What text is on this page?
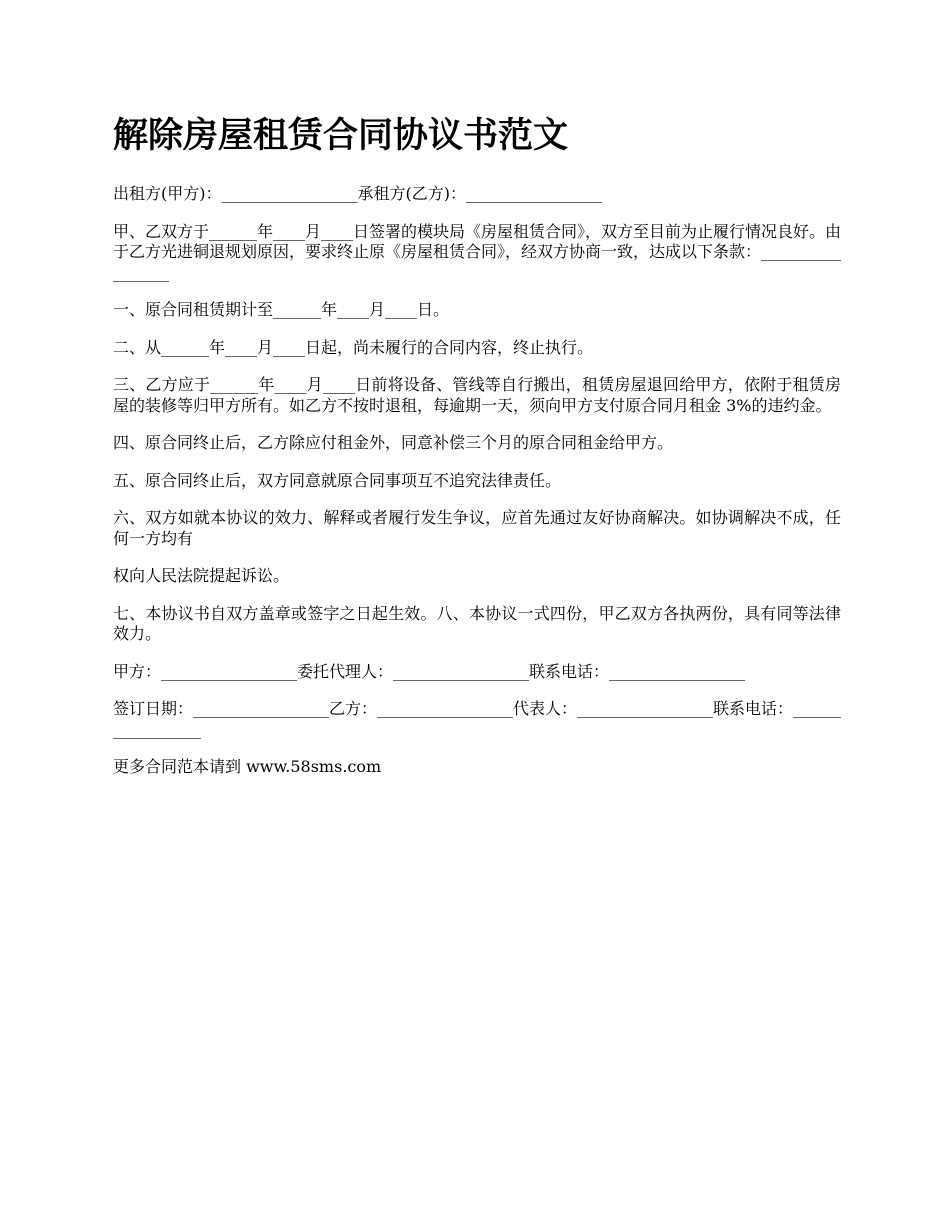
解除房屋租赁合同协议书范文

出租方(甲方)：_________________承租方(乙方)：_________________

甲、乙双方于______年____月____日签署的模块局《房屋租赁合同》，双方至目前为止履行情况良好。由于乙方光进铜退规划原因，要求终止原《房屋租赁合同》，经双方协商一致，达成以下条款：_________________

一、原合同租赁期计至______年____月____日。

二、从______年____月____日起，尚未履行的合同内容，终止执行。

三、乙方应于______年____月____日前将设备、管线等自行搬出，租赁房屋退回给甲方，依附于租赁房屋的装修等归甲方所有。如乙方不按时退租，每逾期一天，须向甲方支付原合同月租金 3%的违约金。

四、原合同终止后，乙方除应付租金外，同意补偿三个月的原合同租金给甲方。

五、原合同终止后，双方同意就原合同事项互不追究法律责任。

六、双方如就本协议的效力、解释或者履行发生争议，应首先通过友好协商解决。如协调解决不成，任何一方均有

权向人民法院提起诉讼。

七、本协议书自双方盖章或签字之日起生效。八、本协议一式四份，甲乙双方各执两份，具有同等法律效力。

甲方：_________________委托代理人：_________________联系电话：_________________

签订日期：_________________乙方：_________________代表人：_________________联系电话：_________________

更多合同范本请到 www.58sms.com
